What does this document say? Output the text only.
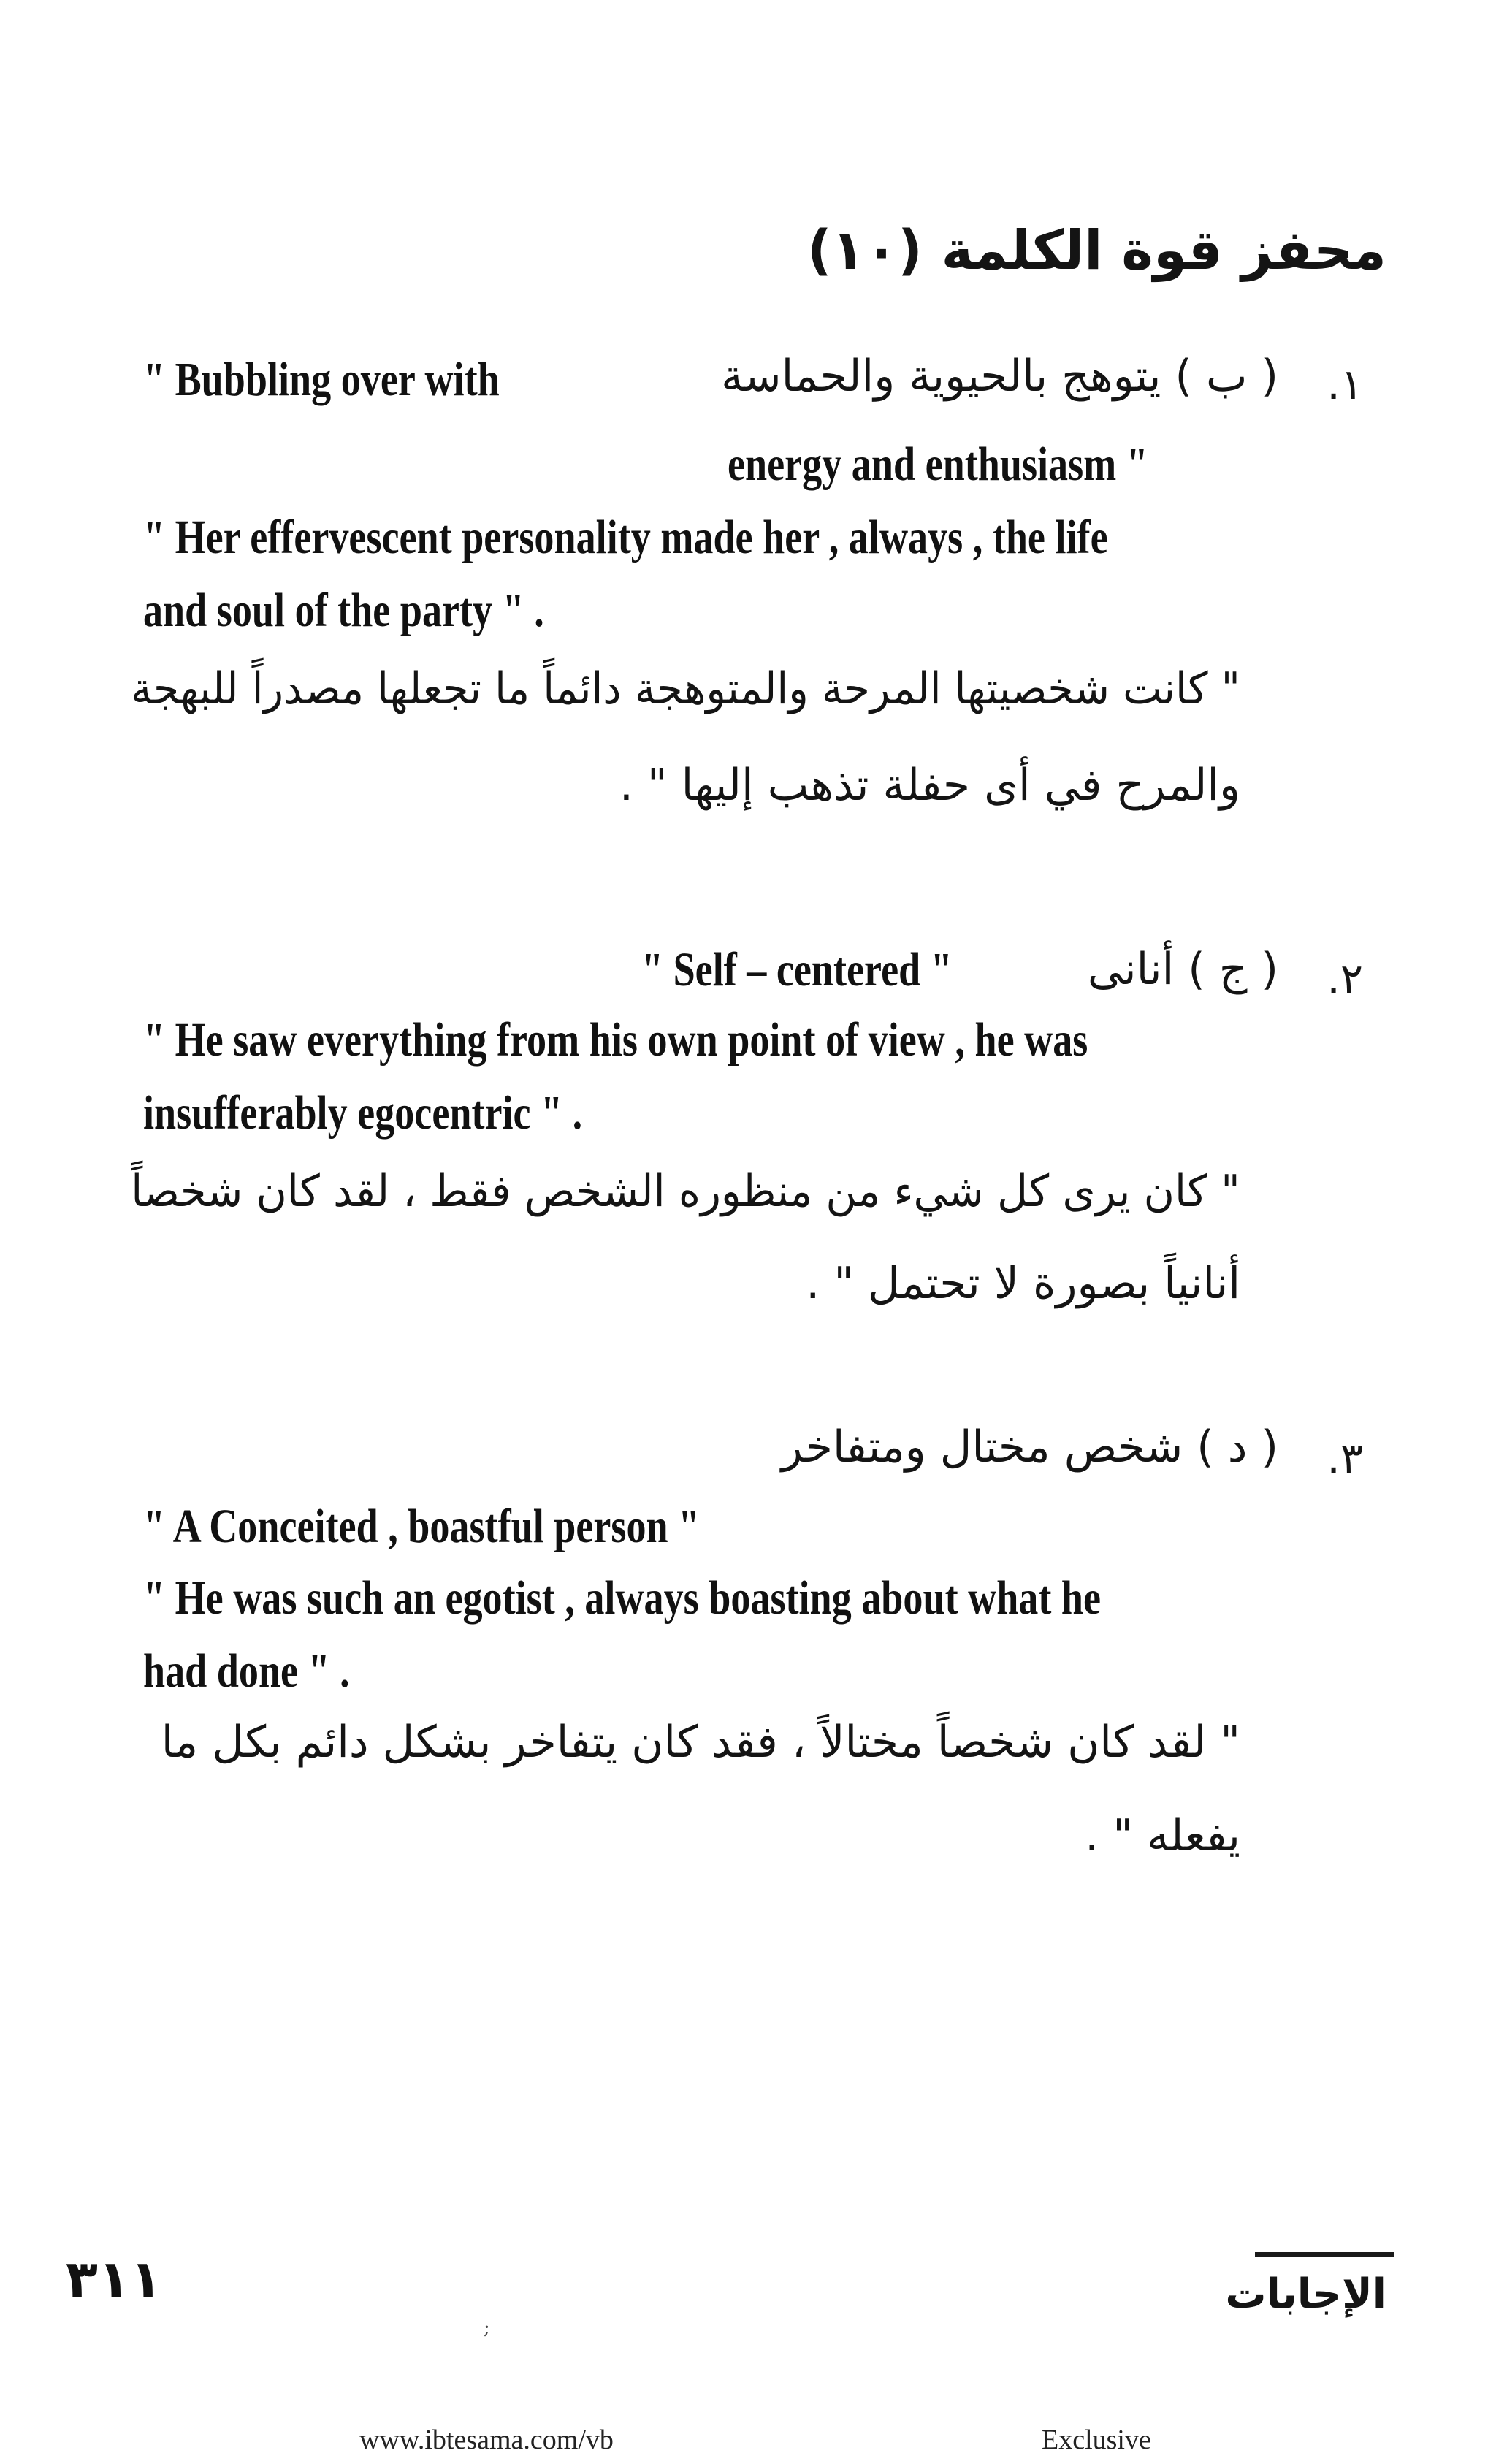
محفز قوة الكلمة (١٠)
.١
( ب ) يتوهج بالحيوية والحماسة
" Bubbling over with
energy and enthusiasm "
" Her effervescent personality made her , always , the life
and soul of the party " .
" كانت شخصيتها المرحة والمتوهجة دائماً ما تجعلها مصدراً للبهجة
والمرح في أى حفلة تذهب إليها " .
.٢
( ج ) أنانى
" Self – centered "
" He saw everything from his own point of view , he was
insufferably egocentric " .
" كان يرى كل شيء من منظوره الشخص فقط ، لقد كان شخصاً
أنانياً بصورة لا تحتمل " .
.٣
( د ) شخص مختال ومتفاخر
" A Conceited , boastful person "
" He was such an egotist , always boasting about what he
had done " .
" لقد كان شخصاً مختالاً ، فقد كان يتفاخر بشكل دائم بكل ما
يفعله " .
الإجابات
٣١١
;
www.ibtesama.com/vb	Exclusive
